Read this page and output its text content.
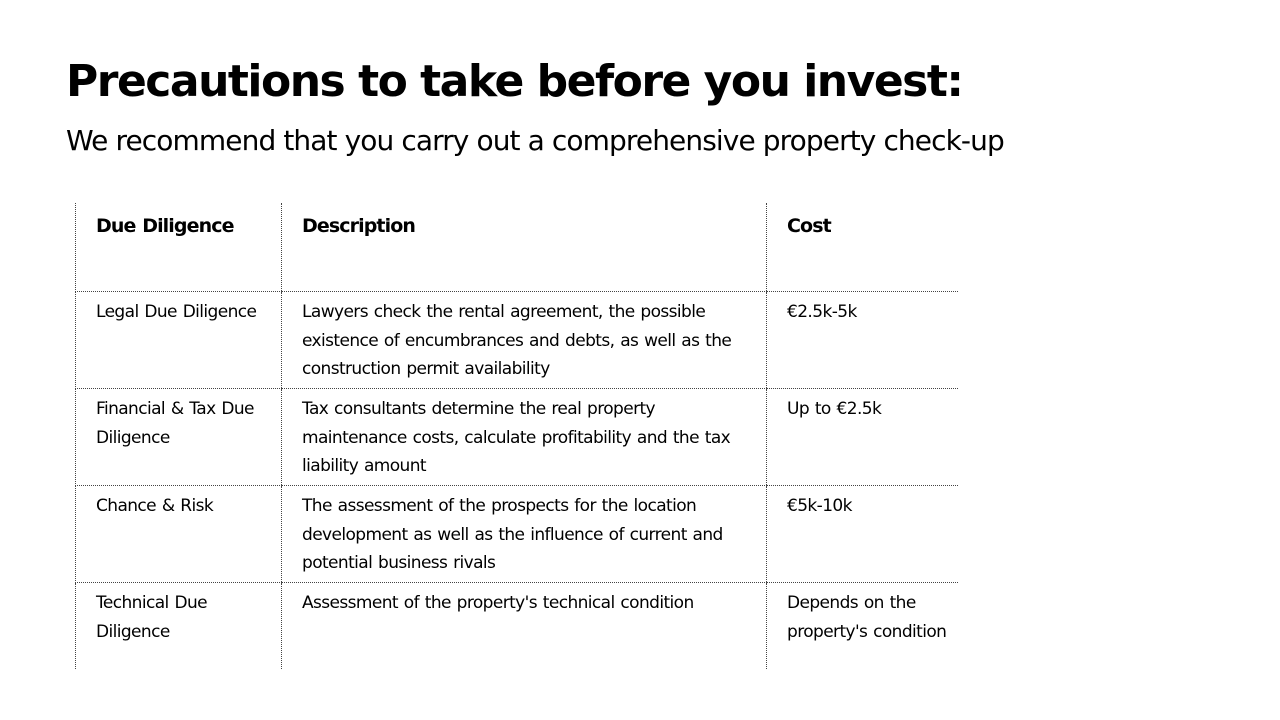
Precautions to take before you invest:
We recommend that you carry out a comprehensive property check-up
Due Diligence	Description	Cost
Legal Due Diligence	Lawyers check the rental agreement, the possible existence of encumbrances and debts, as well as the construction permit availability	€2.5k-5k
Financial & Tax Due Diligence	Tax consultants determine the real property maintenance costs, calculate profitability and the tax liability amount	Up to €2.5k
Chance & Risk	The assessment of the prospects for the location development as well as the influence of current and potential business rivals	€5k-10k
Technical Due Diligence	Assessment of the property's technical condition	Depends on the property's condition
